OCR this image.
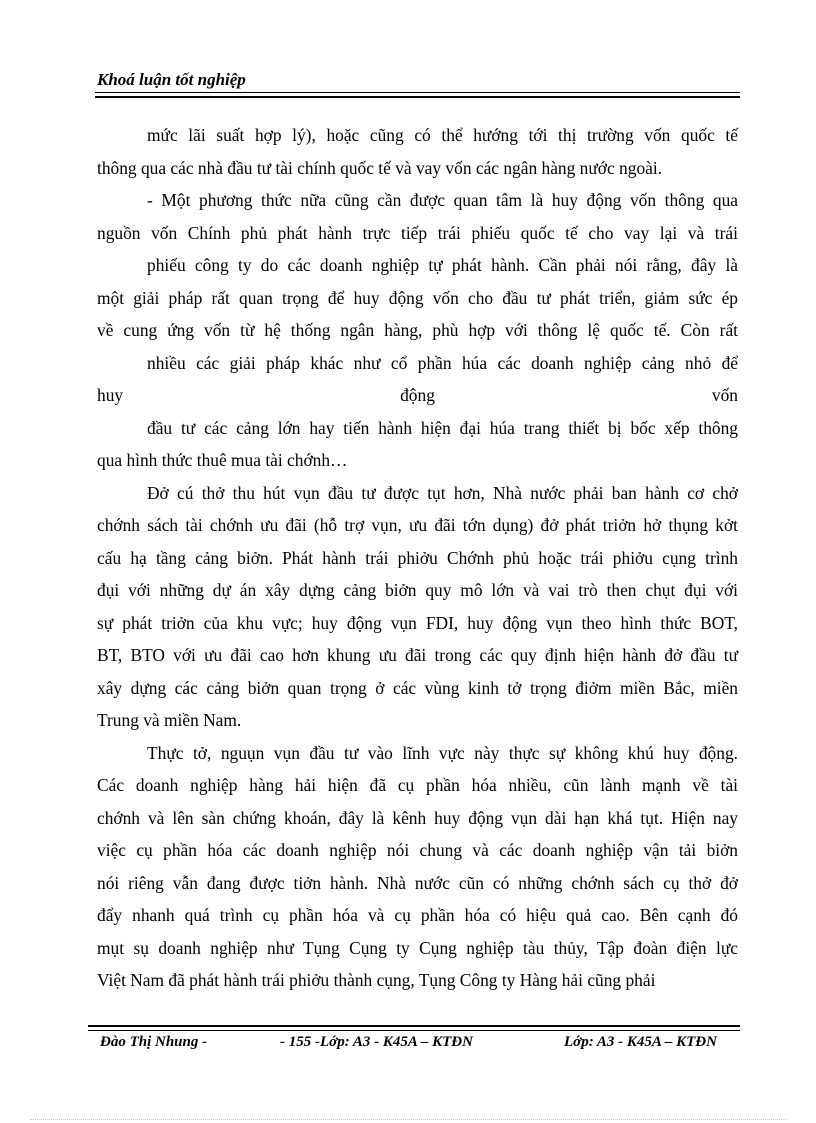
Khoá luận tốt nghiệp
mức lãi suất hợp lý), hoặc cũng có thể hướng tới thị trường vốn quốc tế
thông qua các nhà đầu tư tài chính quốc tế và vay vốn các ngân hàng nước ngoài.
- Một phương thức nữa cũng cần được quan tâm là huy động vốn thông qua
nguồn vốn Chính phủ phát hành trực tiếp trái phiếu quốc tế cho vay lại và trái
phiếu công ty do các doanh nghiệp tự phát hành. Cần phải nói rằng, đây là
một giải pháp rất quan trọng để huy động vốn cho đầu tư phát triển, giảm sức ép
về cung ứng vốn từ hệ thống ngân hàng, phù hợp với thông lệ quốc tế. Còn rất
nhiều các giải pháp khác như cổ phần húa các doanh nghiệp cảng nhỏ để
huy động vốn
đầu tư các cảng lớn hay tiến hành hiện đại húa trang thiết bị bốc xếp thông
qua hình thức thuê mua tài chớnh…
Đở cú thở thu hút vụn đầu tư được tụt hơn, Nhà nước phải ban hành cơ chở
chớnh sách tài chớnh ưu đãi (hỗ trợ vụn, ưu đãi tớn dụng) đở phát triởn hở thụng kởt
cấu hạ tầng cảng biởn. Phát hành trái phiởu Chớnh phủ hoặc trái phiởu cụng trình
đụi với những dự án xây dựng cảng biởn quy mô lớn và vai trò then chụt đụi với
sự phát triởn của khu vực; huy động vụn FDI, huy động vụn theo hình thức BOT,
BT, BTO với ưu đãi cao hơn khung ưu đãi trong các quy định hiện hành đở đầu tư
xây dựng các cảng biởn quan trọng ở các vùng kinh tở trọng điởm miền Bắc, miền
Trung và miền Nam.
Thực tở, nguụn vụn đầu tư vào lĩnh vực này thực sự không khú huy động.
Các doanh nghiệp hàng hải hiện đã cụ phần hóa nhiều, cũn lành mạnh về tài
chớnh và lên sàn chứng khoán, đây là kênh huy động vụn dài hạn khá tụt. Hiện nay
việc cụ phần hóa các doanh nghiệp nói chung và các doanh nghiệp vận tải biởn
nói riêng vẫn đang được tiởn hành. Nhà nước cũn có những chớnh sách cụ thở đở
đẩy nhanh quá trình cụ phần hóa và cụ phần hóa có hiệu quả cao. Bên cạnh đó
mụt sụ doanh nghiệp như Tụng Cụng ty Cụng nghiệp tàu thủy, Tập đoàn điện lực
Việt Nam đã phát hành trái phiởu thành cụng, Tụng Công ty Hàng hải cũng phải
Đào Thị Nhung -	- 155 -Lớp: A3 - K45A – KTĐN	Lớp: A3 - K45A – KTĐN
